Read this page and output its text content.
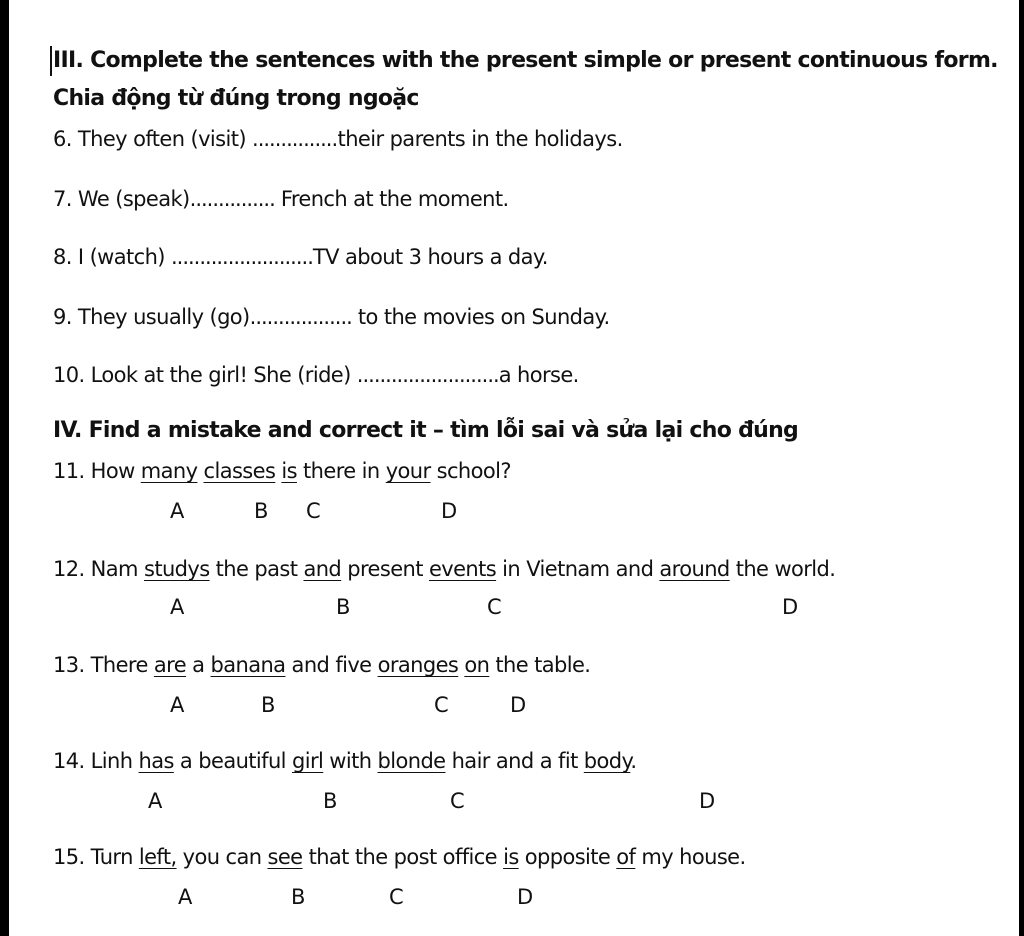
III. Complete the sentences with the present simple or present continuous form.
Chia động từ đúng trong ngoặc
6. They often (visit) ...............their parents in the holidays.
7. We (speak)............... French at the moment.
8. I (watch) .........................TV about 3 hours a day.
9. They usually (go).................. to the movies on Sunday.
10. Look at the girl! She (ride) .........................a horse.
IV. Find a mistake and correct it – tìm lỗi sai và sửa lại cho đúng
11. How many classes is there in your school?
A	B C	D
12. Nam studys the past and present events in Vietnam and around the world.
A	B	C	D
13. There are a banana and five oranges on the table.
A	B	C	D
14. Linh has a beautiful girl with blonde hair and a fit body.
A	B	C	D
15. Turn left, you can see that the post office is opposite of my house.
A	B	C	D
